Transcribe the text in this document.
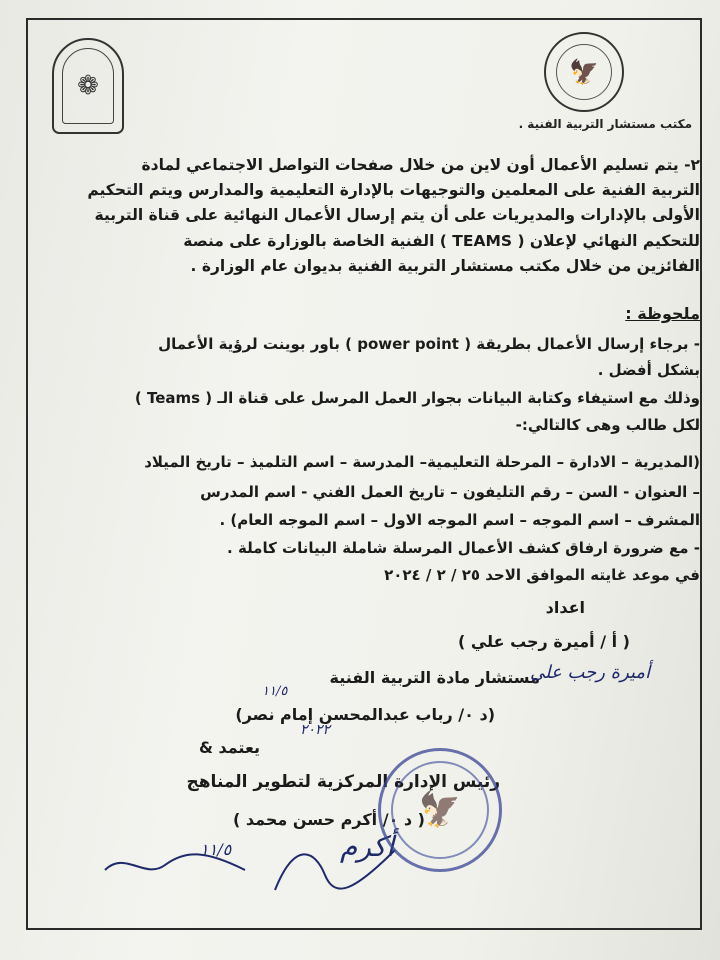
❁	🦅
مكتب مستشار التربية الفنية .
٢- يتم تسليم الأعمال أون لاين من خلال صفحات التواصل الاجتماعي لمادة
التربية الفنية على المعلمين والتوجيهات بالإدارة التعليمية والمدارس ويتم التحكيم
الأولى بالإدارات والمديريات على أن يتم إرسال الأعمال النهائية على قناة التربية
للتحكيم النهائي لإعلان ( TEAMS ) الفنية الخاصة بالوزارة على منصة
الفائزين من خلال مكتب مستشار التربية الفنية بديوان عام الوزارة .
ملحوظة :
- برجاء إرسال الأعمال بطريقة ( power point ) باور بوينت لرؤية الأعمال
بشكل أفضل .
وذلك مع استيفاء وكتابة البيانات بجوار العمل المرسل على قناة الـ ( Teams )
لكل طالب وهى كالتالي:-
(المديرية – الادارة – المرحلة التعليمية– المدرسة – اسم التلميذ – تاريخ الميلاد
– العنوان - السن – رقم التليفون – تاريخ العمل الفني - اسم المدرس
المشرف – اسم الموجه – اسم الموجه الاول – اسم الموجه العام) .
- مع ضرورة ارفاق كشف الأعمال المرسلة شاملة البيانات كاملة .
في موعد غايته الموافق الاحد ٢٥ / ٢ / ٢٠٢٤
اعداد
( أ / أميرة رجب علي )
مستشار مادة التربية الفنية
(د ٠/ رباب عبدالمحسن إمام نصر)
يعتمد &
رئيس الإدارة المركزية لتطوير المناهج
( د ٠/ أكرم حسن محمد )
أميرة رجب علي
١١/٥
٢٠٢٢
أكرم
١١/٥
🦅
